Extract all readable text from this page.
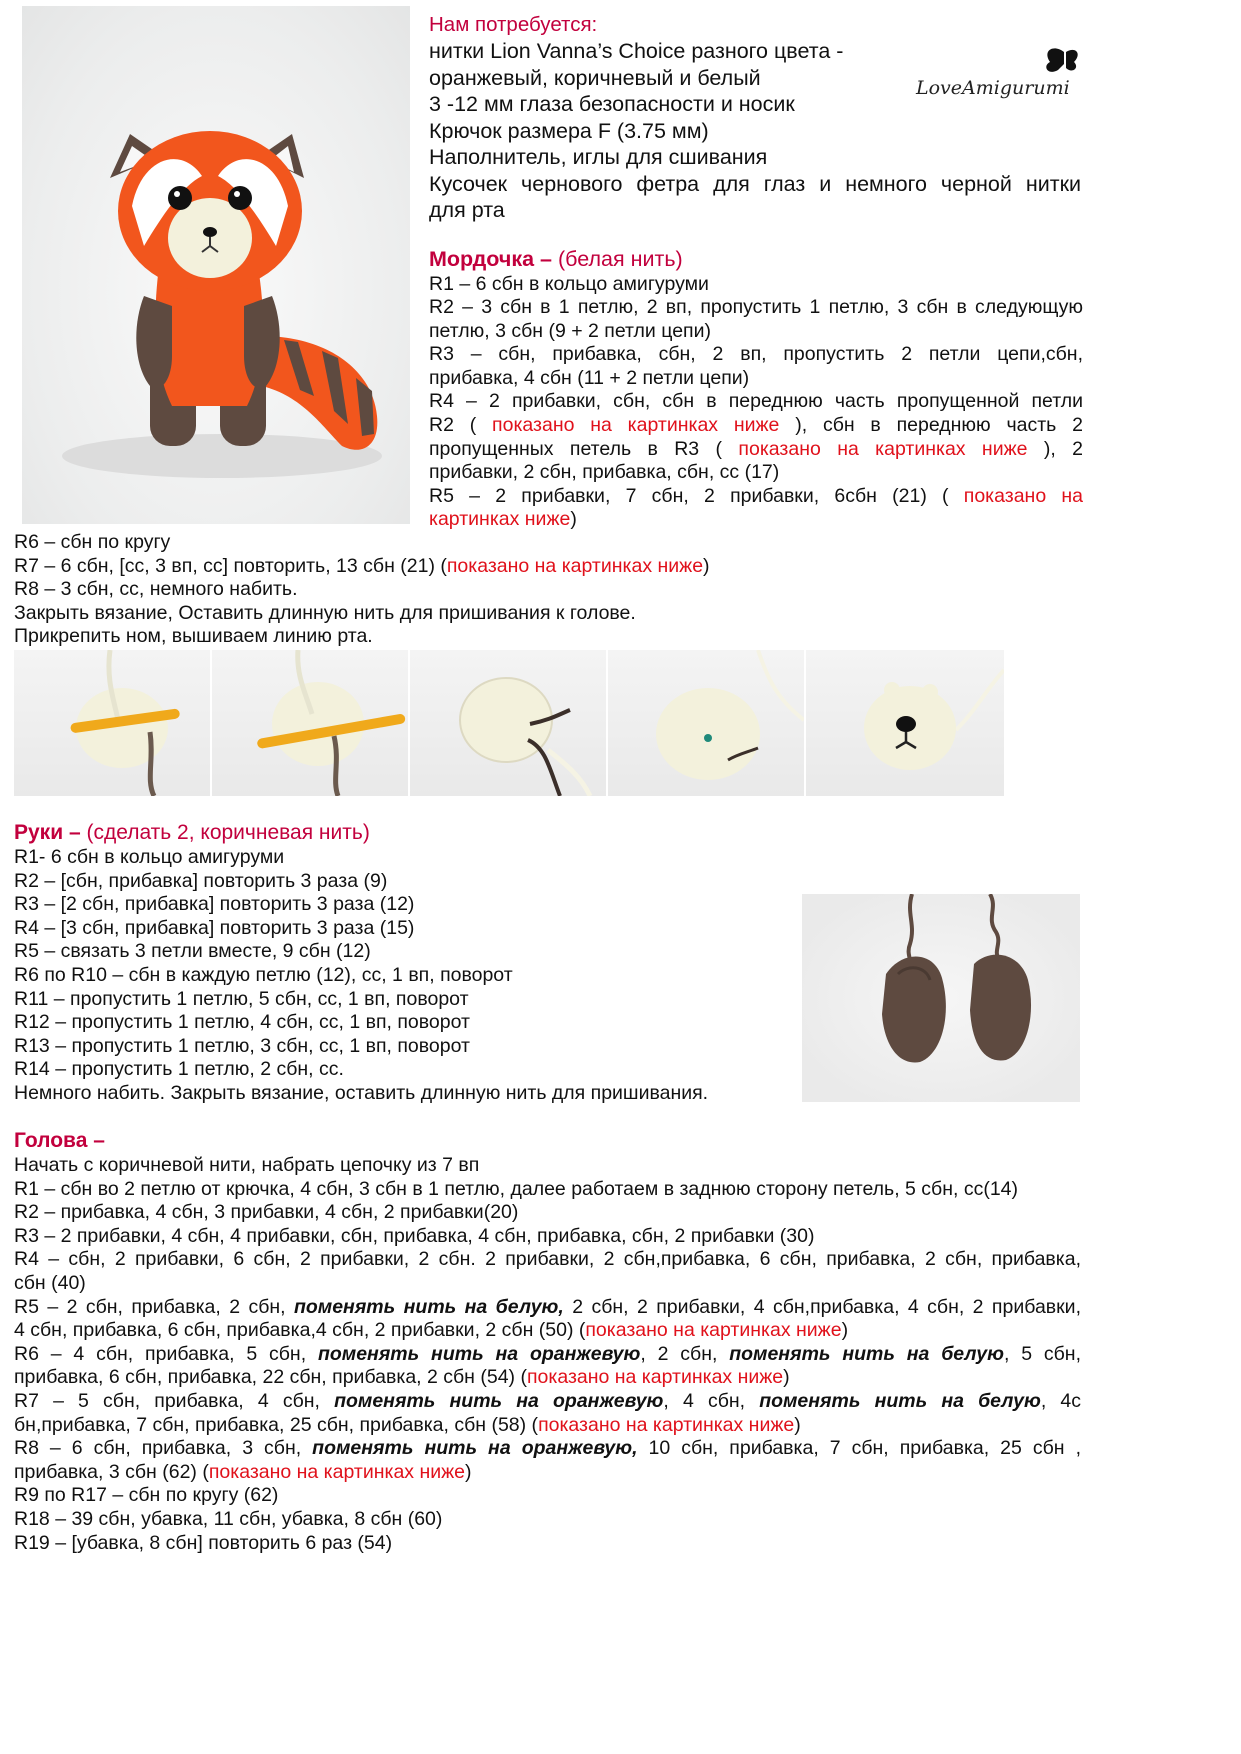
Нам потребуется:
нитки Lion Vanna’s Choice разного цвета -
оранжевый, коричневый и белый
3 -12 мм глаза безопасности и носик
Крючок размера F (3.75 мм)
Наполнитель, иглы для сшивания
Кусочек чернового фетра для глаз и немного черной нитки
для рта
LoveAmigurumi
Мордочка – (белая нить)
R1 – 6 сбн в кольцо амигуруми
R2 – 3 сбн в 1 петлю, 2 вп, пропустить 1 петлю, 3 сбн в следующую
петлю, 3 сбн (9 + 2 петли цепи)
R3 – сбн, прибавка, сбн, 2 вп, пропустить 2 петли цепи,сбн,
прибавка, 4 сбн (11 + 2 петли цепи)
R4 – 2 прибавки, сбн, сбн в переднюю часть пропущенной петли
R2 ( показано на картинках ниже ), сбн в переднюю часть 2
пропущенных петель в R3 ( показано на картинках ниже ), 2
прибавки, 2 сбн, прибавка, сбн, сс (17)
R5 – 2 прибавки, 7 сбн, 2 прибавки, 6сбн (21) ( показано на
картинках ниже)
R6 – сбн по кругу
R7 – 6 сбн, [сс, 3 вп, сс] повторить, 13 сбн (21) (показано на картинках ниже)
R8 – 3 сбн, сс, немного набить.
Закрыть вязание, Оставить длинную нить для пришивания к голове.
Прикрепить ном, вышиваем линию рта.
Руки – (сделать 2, коричневая нить)
R1- 6 сбн в кольцо амигуруми
R2 – [сбн, прибавка] повторить 3 раза (9)
R3 – [2 сбн, прибавка] повторить 3 раза (12)
R4 – [3 сбн, прибавка] повторить 3 раза (15)
R5 – связать 3 петли вместе, 9 сбн (12)
R6 по R10 – сбн в каждую петлю (12), сс, 1 вп, поворот
R11 – пропустить 1 петлю, 5 сбн, сс, 1 вп, поворот
R12 – пропустить 1 петлю, 4 сбн, сс, 1 вп, поворот
R13 – пропустить 1 петлю, 3 сбн, сс, 1 вп, поворот
R14 – пропустить 1 петлю, 2 сбн, сс.
Немного набить. Закрыть вязание, оставить длинную нить для пришивания.
Голова –
Начать с коричневой нити, набрать цепочку из 7 вп
R1 – сбн во 2 петлю от крючка, 4 сбн, 3 сбн в 1 петлю, далее работаем в заднюю сторону петель, 5 сбн, сс(14)
R2 – прибавка, 4 сбн, 3 прибавки, 4 сбн, 2 прибавки(20)
R3 – 2 прибавки, 4 сбн, 4 прибавки, сбн, прибавка, 4 сбн, прибавка, сбн, 2 прибавки (30)
R4 – сбн, 2 прибавки, 6 сбн, 2 прибавки, 2 сбн. 2 прибавки, 2 сбн,прибавка, 6 сбн, прибавка, 2 сбн, прибавка,
сбн (40)
R5 – 2 сбн, прибавка, 2 сбн, поменять нить на белую, 2 сбн, 2 прибавки, 4 сбн,прибавка, 4 сбн, 2 прибавки,
4 сбн, прибавка, 6 сбн, прибавка,4 сбн, 2 прибавки, 2 сбн (50) (показано на картинках ниже)
R6 – 4 сбн, прибавка, 5 сбн, поменять нить на оранжевую, 2 сбн, поменять нить на белую, 5 сбн,
прибавка, 6 сбн, прибавка, 22 сбн, прибавка, 2 сбн (54) (показано на картинках ниже)
R7 – 5 сбн, прибавка, 4 сбн, поменять нить на оранжевую, 4 сбн, поменять нить на белую, 4с
бн,прибавка, 7 сбн, прибавка, 25 сбн, прибавка, сбн (58) (показано на картинках ниже)
R8 – 6 сбн, прибавка, 3 сбн, поменять нить на оранжевую, 10 сбн, прибавка, 7 сбн, прибавка, 25 сбн ,
прибавка, 3 сбн (62) (показано на картинках ниже)
R9 по R17 – сбн по кругу (62)
R18 – 39 сбн, убавка, 11 сбн, убавка, 8 сбн (60)
R19 – [убавка, 8 сбн] повторить 6 раз (54)
